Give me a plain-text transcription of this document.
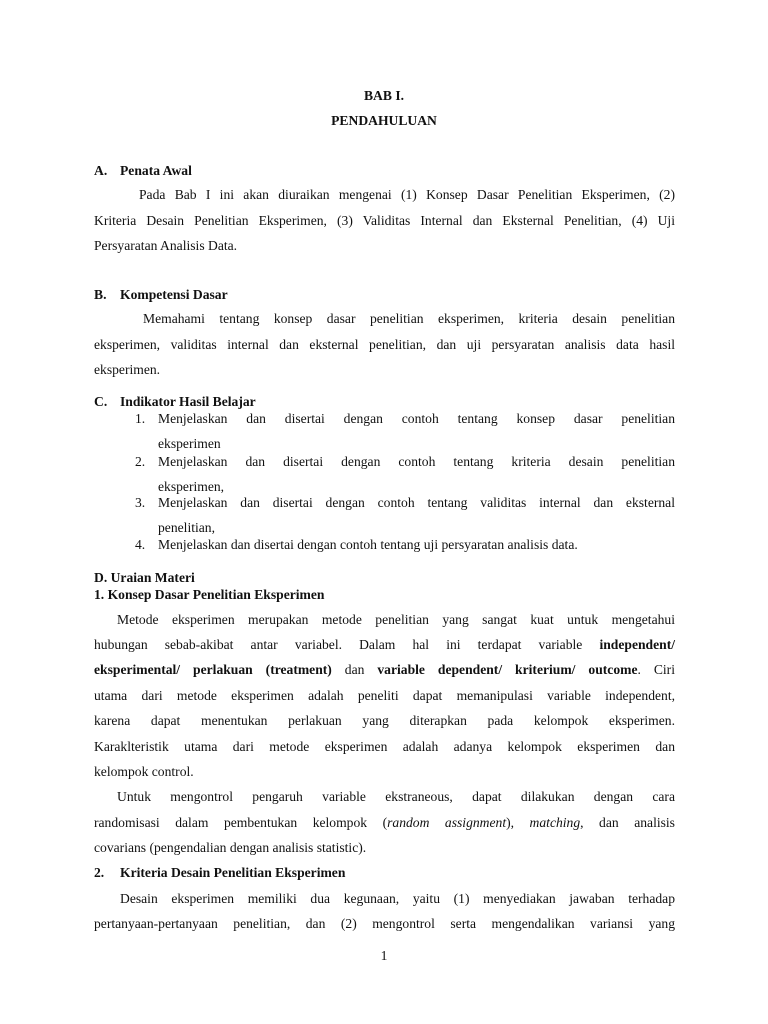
BAB I.
PENDAHULUAN
A. Penata Awal
Pada Bab I ini akan diuraikan mengenai (1) Konsep Dasar Penelitian Eksperimen, (2)
Kriteria Desain Penelitian Eksperimen, (3) Validitas Internal dan Eksternal Penelitian, (4) Uji
Persyaratan Analisis Data.
B. Kompetensi Dasar
Memahami tentang konsep dasar penelitian eksperimen, kriteria desain penelitian
eksperimen, validitas internal dan eksternal penelitian, dan uji persyaratan analisis data hasil
eksperimen.
C. Indikator Hasil Belajar
1. Menjelaskan dan disertai dengan contoh tentang konsep dasar penelitian
eksperimen
2. Menjelaskan dan disertai dengan contoh tentang kriteria desain penelitian
eksperimen,
3. Menjelaskan dan disertai dengan contoh tentang validitas internal dan eksternal
penelitian,
4. Menjelaskan dan disertai dengan contoh tentang uji persyaratan analisis data.
D. Uraian Materi
1. Konsep Dasar Penelitian Eksperimen
Metode eksperimen merupakan metode penelitian yang sangat kuat untuk mengetahui
hubungan sebab-akibat antar variabel. Dalam hal ini terdapat variable independent/
eksperimental/ perlakuan (treatment) dan variable dependent/ kriterium/ outcome. Ciri
utama dari metode eksperimen adalah peneliti dapat memanipulasi variable independent,
karena dapat menentukan perlakuan yang diterapkan pada kelompok eksperimen.
Karaklteristik utama dari metode eksperimen adalah adanya kelompok eksperimen dan
kelompok control.
Untuk mengontrol pengaruh variable ekstraneous, dapat dilakukan dengan cara
randomisasi dalam pembentukan kelompok (random assignment), matching, dan analisis
covarians (pengendalian dengan analisis statistic).
2. Kriteria Desain Penelitian Eksperimen
Desain eksperimen memiliki dua kegunaan, yaitu (1) menyediakan jawaban terhadap
pertanyaan-pertanyaan penelitian, dan (2) mengontrol serta mengendalikan variansi yang
1
